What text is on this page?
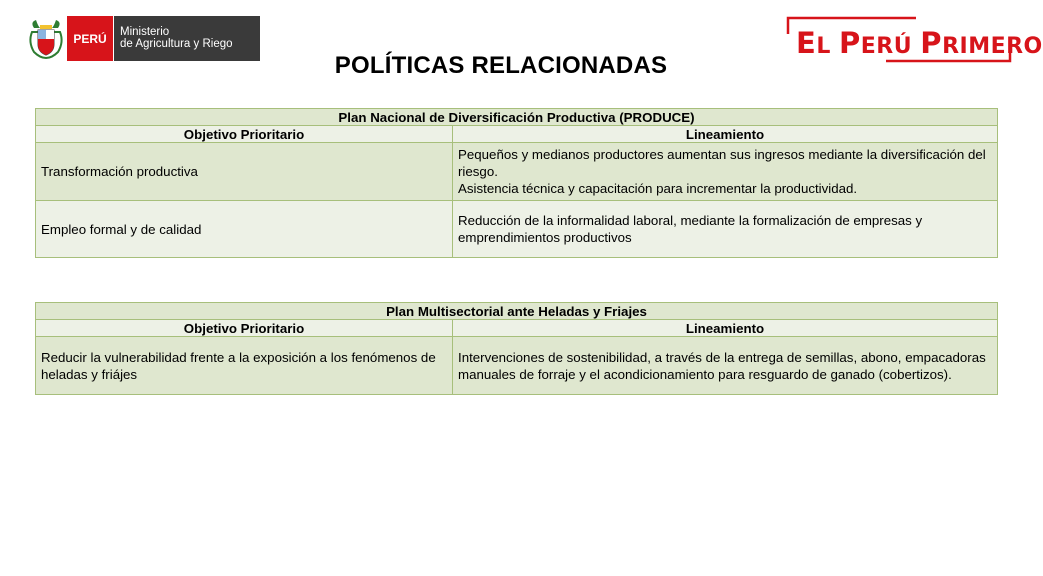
PERÚ	Ministerio
de Agricultura y Riego	EL PERÚ PRIMERO
POLÍTICAS RELACIONADAS
Plan Nacional de Diversificación Productiva (PRODUCE)	
Objetivo Prioritario	Lineamiento
Transformación productiva	Pequeños y medianos productores aumentan sus ingresos mediante la diversificación del riesgo.
Asistencia técnica y capacitación para incrementar la productividad.

Empleo formal y de calidad	Reducción de la informalidad laboral, mediante la formalización de empresas y emprendimientos productivos
Plan Multisectorial ante Heladas y Friajes	
Objetivo Prioritario	Lineamiento
Reducir la vulnerabilidad frente a la exposición a los fenómenos de heladas y friájes	Intervenciones de sostenibilidad, a través de la entrega de semillas, abono, empacadoras manuales de forraje y el acondicionamiento para resguardo de ganado (cobertizos).
